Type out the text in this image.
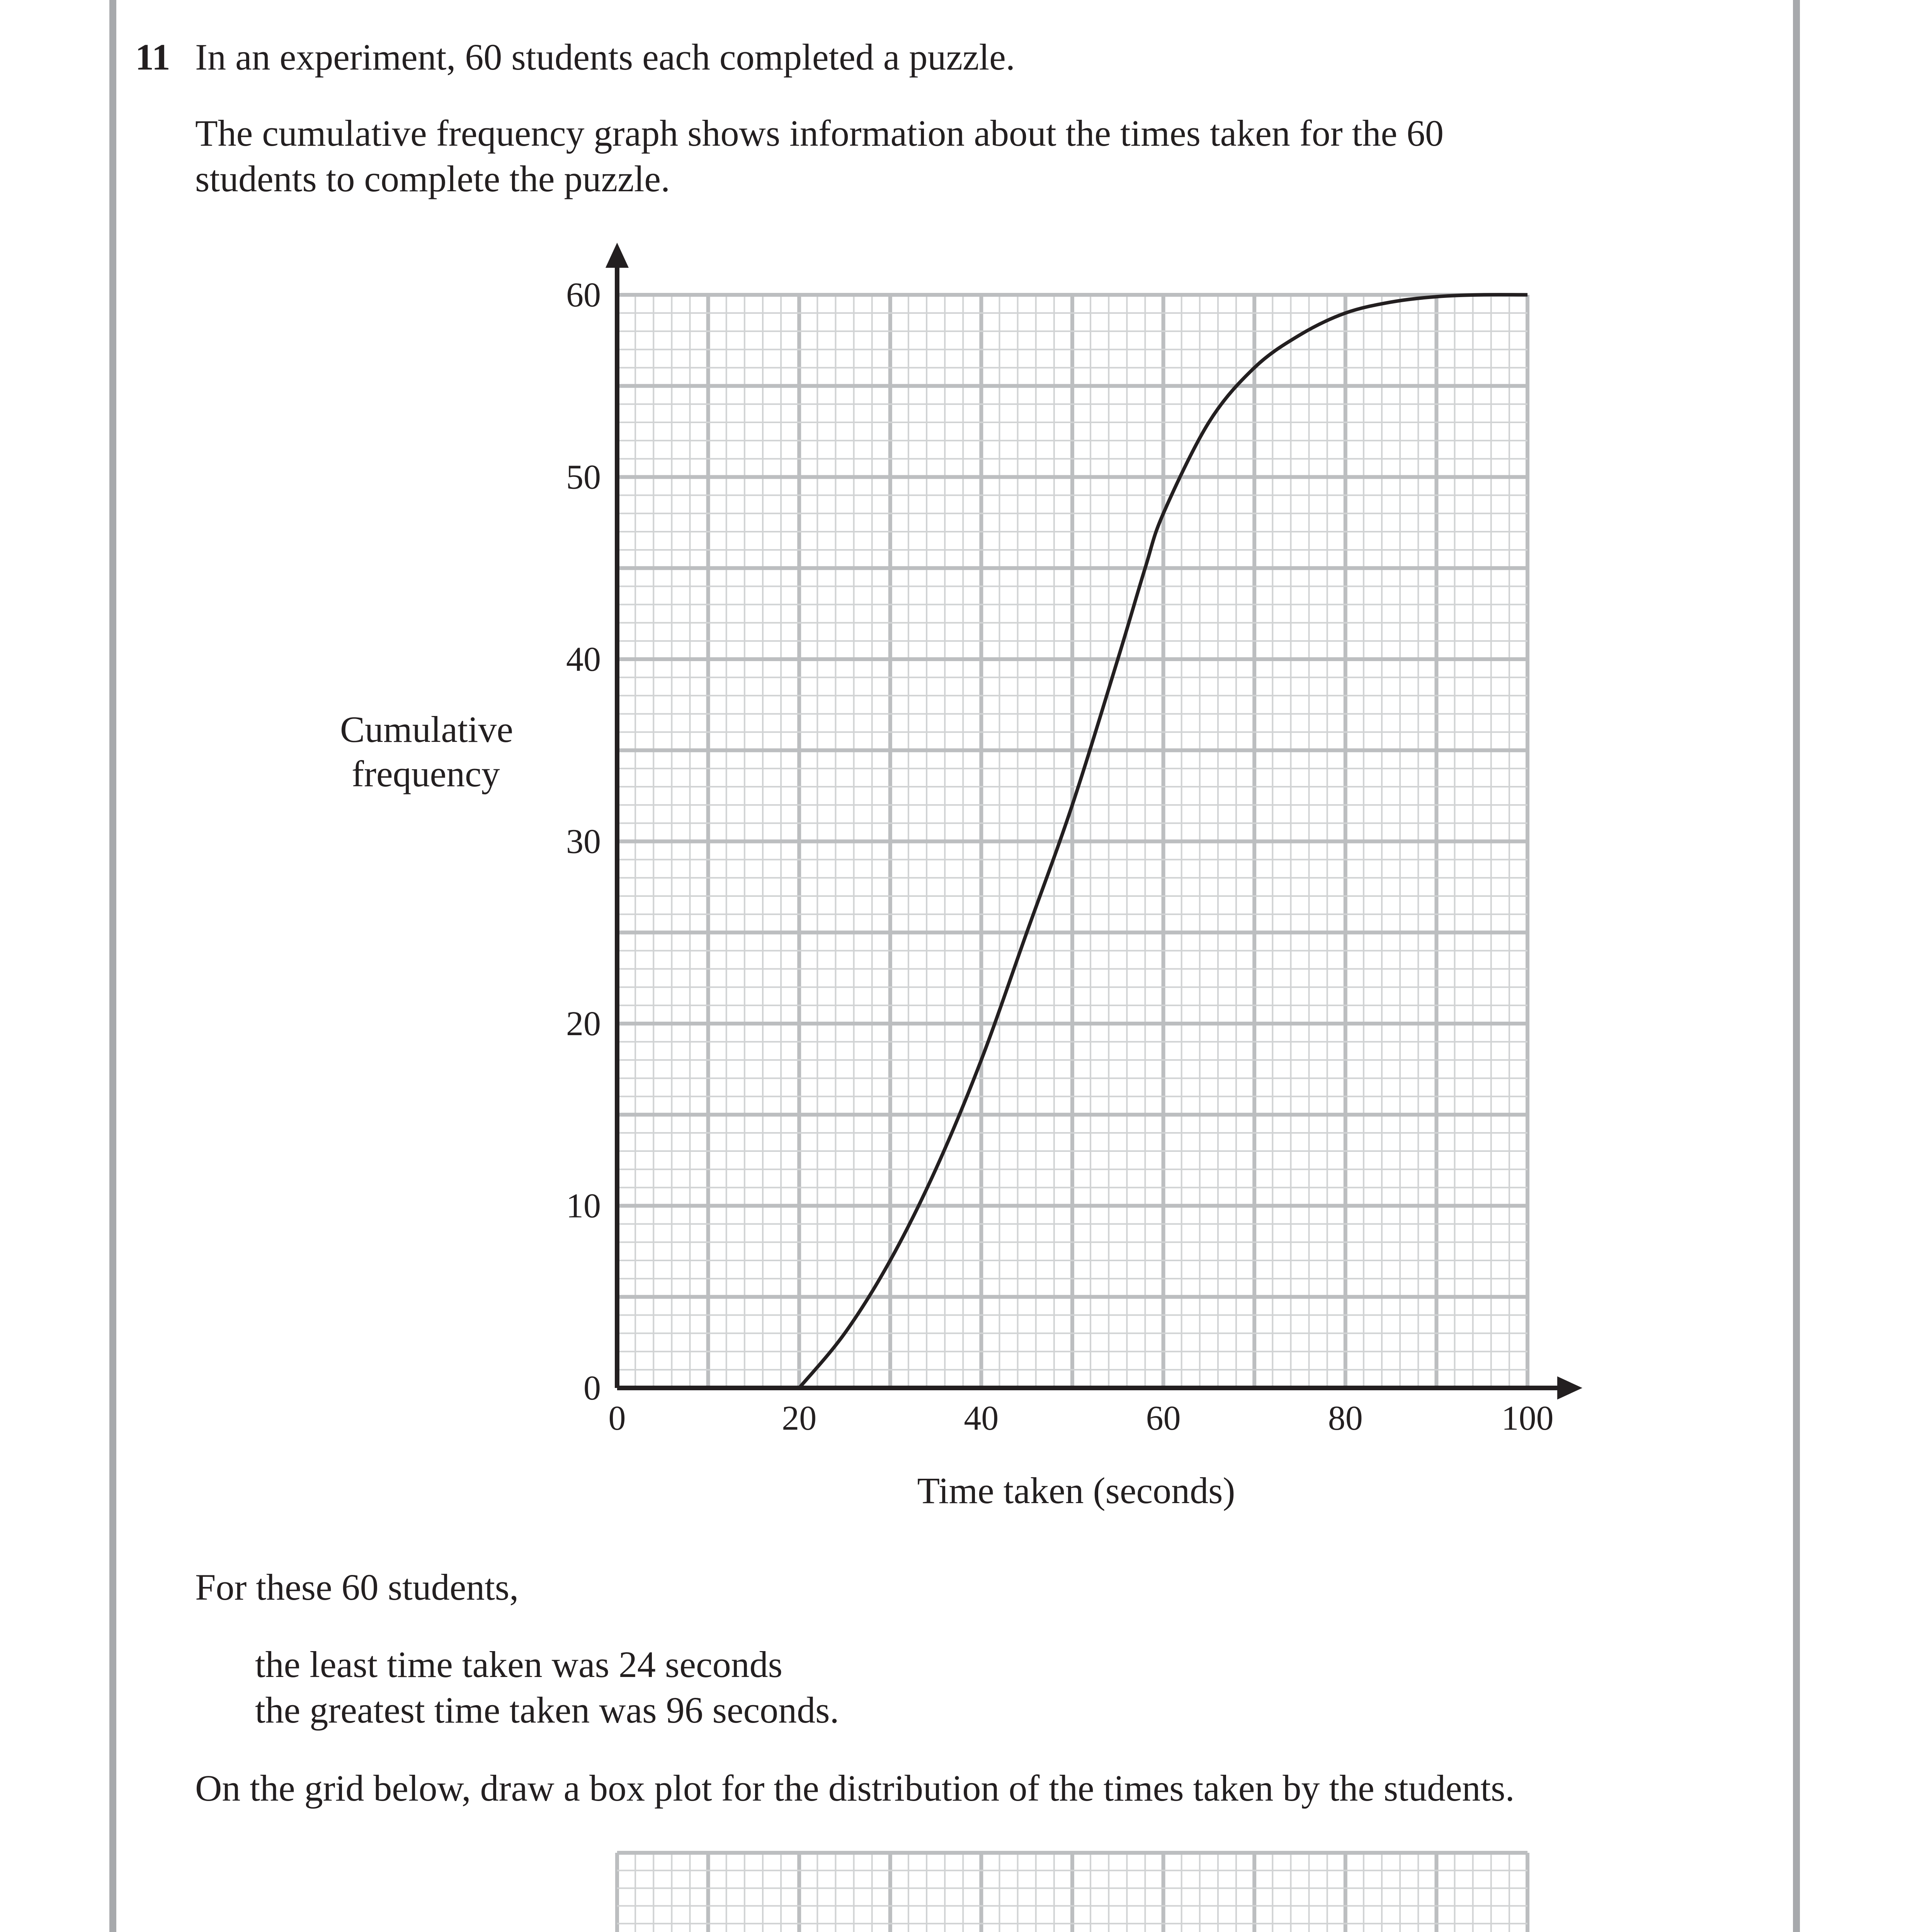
11 In an experiment, 60 students each completed a puzzle.
The cumulative frequency graph shows information about the times taken for the 60
students to complete the puzzle.
Cumulative
frequency
0	20	40	60	80	100
0
10
20
30
40
50
60
Time taken (seconds)
For these 60 students,
the least time taken was 24 seconds
the greatest time taken was 96 seconds.
On the grid below, draw a box plot for the distribution of the times taken by the students.
